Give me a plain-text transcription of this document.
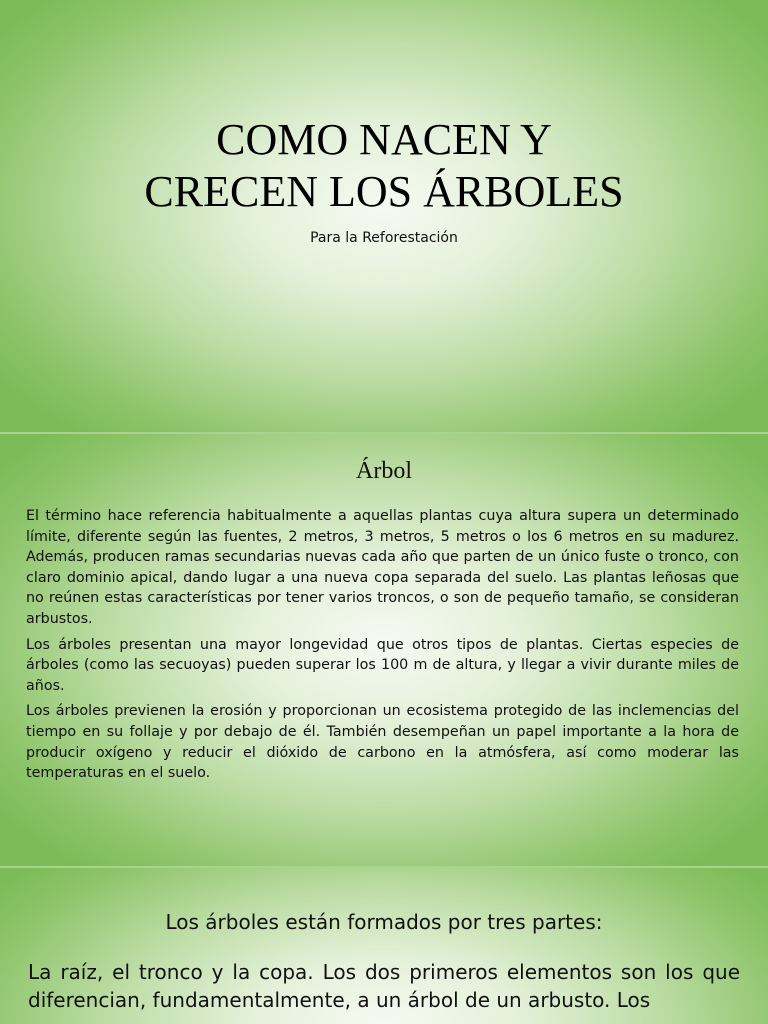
COMO NACEN Y
CRECEN LOS ÁRBOLES
Para la Reforestación
Árbol

El término hace referencia habitualmente a aquellas plantas cuya altura supera un determinado límite, diferente según las fuentes, 2 metros, 3 metros, 5 metros o los 6 metros en su madurez. Además, producen ramas secundarias nuevas cada año que parten de un único fuste o tronco, con claro dominio apical, dando lugar a una nueva copa separada del suelo. Las plantas leñosas que no reúnen estas características por tener varios troncos, o son de pequeño tamaño, se consideran arbustos.

Los árboles presentan una mayor longevidad que otros tipos de plantas. Ciertas especies de árboles (como las secuoyas) pueden superar los 100 m de altura, y llegar a vivir durante miles de años.

Los árboles previenen la erosión y proporcionan un ecosistema protegido de las inclemencias del tiempo en su follaje y por debajo de él. También desempeñan un papel importante a la hora de producir oxígeno y reducir el dióxido de carbono en la atmósfera, así como moderar las temperaturas en el suelo.

Los árboles están formados por tres partes:

La raíz, el tronco y la copa. Los dos primeros elementos son los que diferencian, fundamentalmente, a un árbol de un arbusto. Los
